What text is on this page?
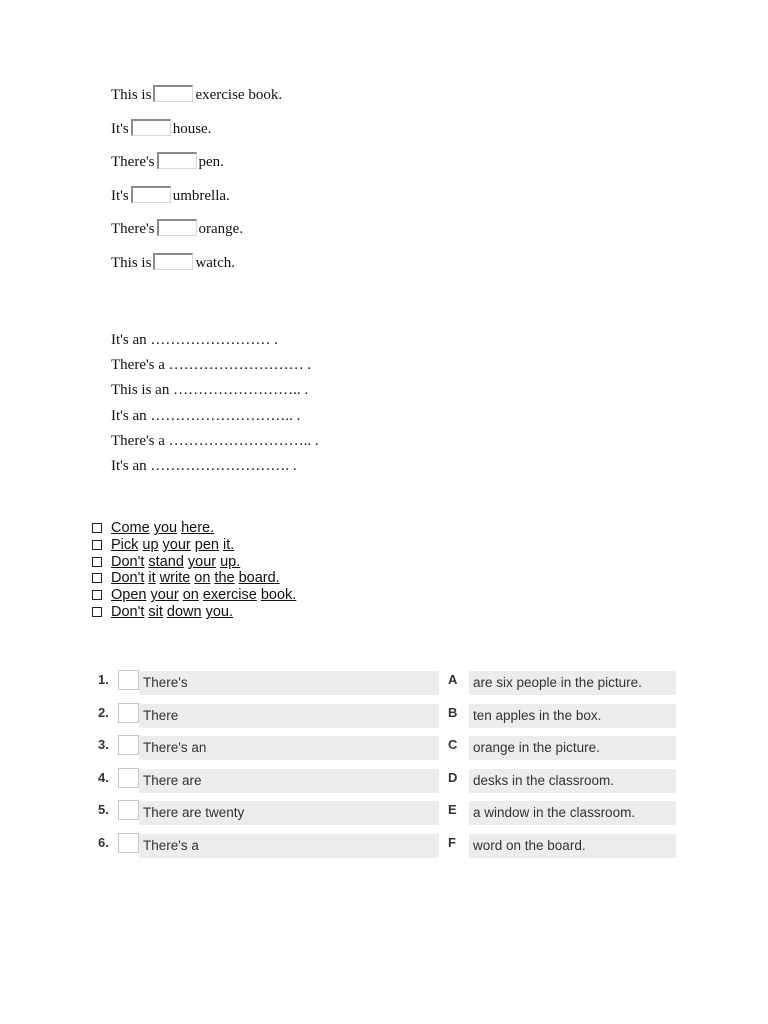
This is	exercise book.
It's	house.
There's	pen.
It's	umbrella.
There's	orange.
This is	watch.
It's an …………………… .
There's a ……………………… .
This is an …………………….. .
It's an ……………………….. .
There's a ……………………….. .
It's an ………………………. .
Come you here.
Pick up your pen it.
Don't stand your up.
Don't it write on the board.
Open your on exercise book.
Don't sit down you.
1.	There's	A are six people in the picture.
2.	There	B ten apples in the box.
3.	There's an	C orange in the picture.
4.	There are	D desks in the classroom.
5.	There are twenty	E a window in the classroom.
6.	There's a	F word on the board.
